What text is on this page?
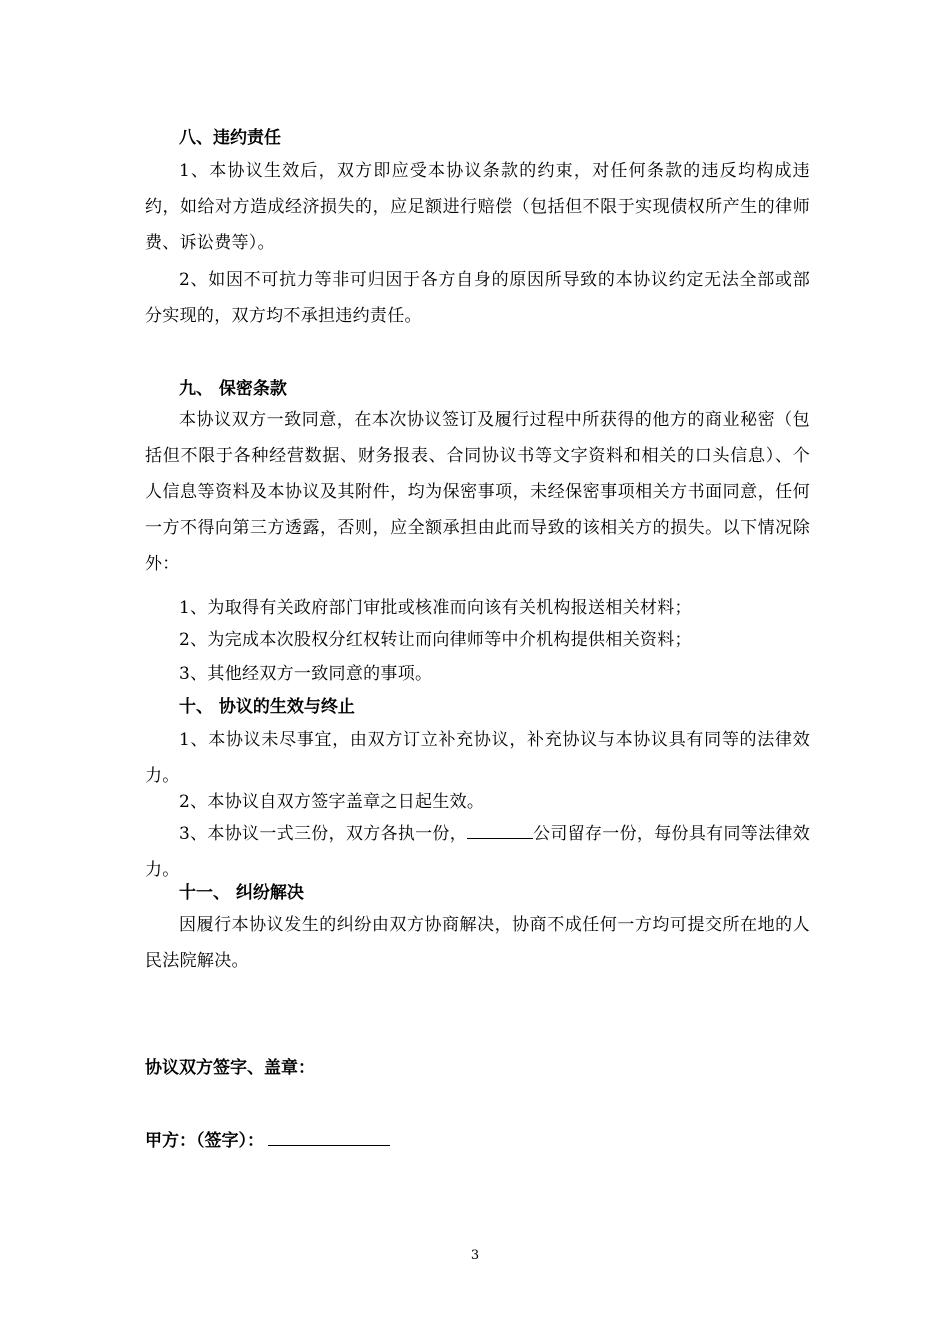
八、违约责任
1、本协议生效后，双方即应受本协议条款的约束，对任何条款的违反均构成违约，如给对方造成经济损失的，应足额进行赔偿（包括但不限于实现债权所产生的律师费、诉讼费等）。
2、如因不可抗力等非可归因于各方自身的原因所导致的本协议约定无法全部或部分实现的，双方均不承担违约责任。
九、 保密条款
本协议双方一致同意，在本次协议签订及履行过程中所获得的他方的商业秘密（包括但不限于各种经营数据、财务报表、合同协议书等文字资料和相关的口头信息）、个人信息等资料及本协议及其附件，均为保密事项，未经保密事项相关方书面同意，任何一方不得向第三方透露，否则，应全额承担由此而导致的该相关方的损失。以下情况除外：
1、为取得有关政府部门审批或核准而向该有关机构报送相关材料；
2、为完成本次股权分红权转让而向律师等中介机构提供相关资料；
3、其他经双方一致同意的事项。
十、 协议的生效与终止
1、本协议未尽事宜，由双方订立补充协议，补充协议与本协议具有同等的法律效力。
2、本协议自双方签字盖章之日起生效。
3、本协议一式三份，双方各执一份，	公司留存一份，每份具有同等法律效力。
十一、 纠纷解决
因履行本协议发生的纠纷由双方协商解决，协商不成任何一方均可提交所在地的人民法院解决。
协议双方签字、盖章：
甲方：（签字）：
3
